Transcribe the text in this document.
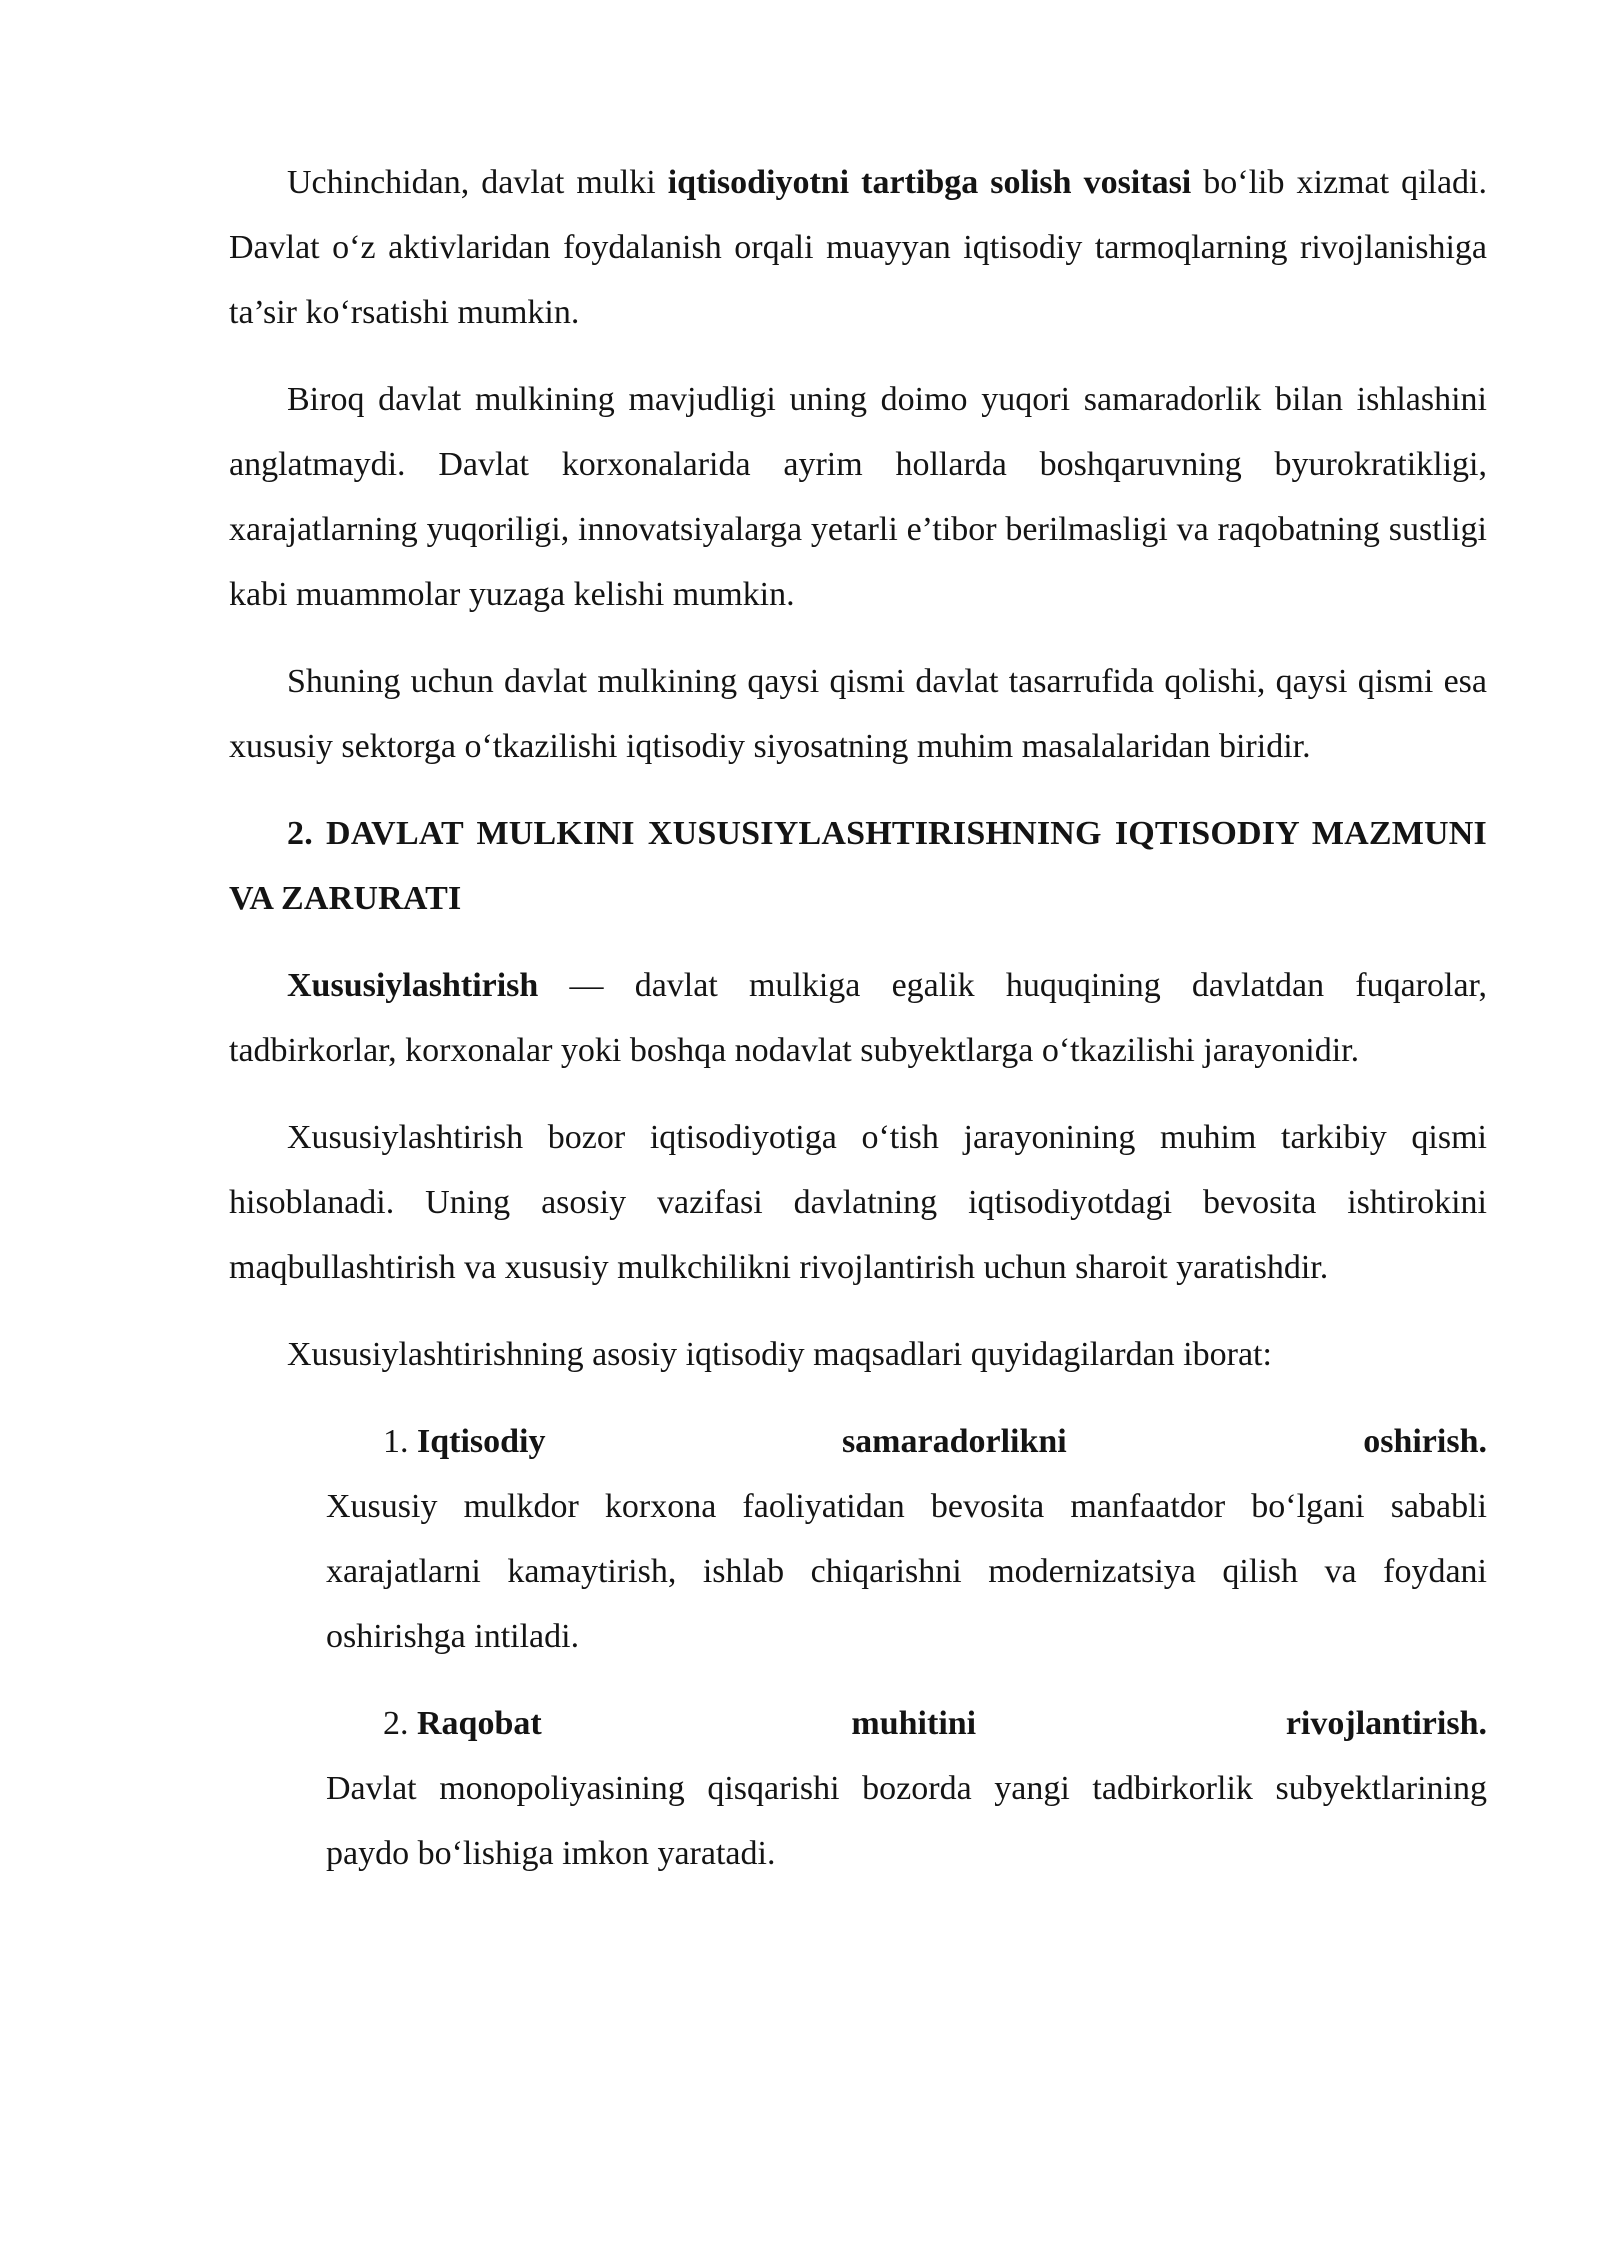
Uchinchidan, davlat mulki iqtisodiyotni tartibga solish vositasi bo‘lib xizmat qiladi. Davlat o‘z aktivlaridan foydalanish orqali muayyan iqtisodiy tarmoqlarning rivojlanishiga ta’sir ko‘rsatishi mumkin.

Biroq davlat mulkining mavjudligi uning doimo yuqori samaradorlik bilan ishlashini anglatmaydi. Davlat korxonalarida ayrim hollarda boshqaruvning byurokratikligi, xarajatlarning yuqoriligi, innovatsiyalarga yetarli e’tibor berilmasligi va raqobatning sustligi kabi muammolar yuzaga kelishi mumkin.

Shuning uchun davlat mulkining qaysi qismi davlat tasarrufida qolishi, qaysi qismi esa xususiy sektorga o‘tkazilishi iqtisodiy siyosatning muhim masalalaridan biridir.

2. DAVLAT MULKINI XUSUSIYLASHTIRISHNING IQTISODIY MAZMUNI VA ZARURATI

Xususiylashtirish — davlat mulkiga egalik huquqining davlatdan fuqarolar, tadbirkorlar, korxonalar yoki boshqa nodavlat subyektlarga o‘tkazilishi jarayonidir.

Xususiylashtirish bozor iqtisodiyotiga o‘tish jarayonining muhim tarkibiy qismi hisoblanadi. Uning asosiy vazifasi davlatning iqtisodiyotdagi bevosita ishtirokini maqbullashtirish va xususiy mulkchilikni rivojlantirish uchun sharoit yaratishdir.

Xususiylashtirishning asosiy iqtisodiy maqsadlari quyidagilardan iborat:

1. Iqtisodiy	samaradorlikni	oshirish.
Xususiy mulkdor korxona faoliyatidan bevosita manfaatdor bo‘lgani sababli xarajatlarni kamaytirish, ishlab chiqarishni modernizatsiya qilish va foydani oshirishga intiladi.
2. Raqobat	muhitini	rivojlantirish.
Davlat monopoliyasining qisqarishi bozorda yangi tadbirkorlik subyektlarining paydo bo‘lishiga imkon yaratadi.
